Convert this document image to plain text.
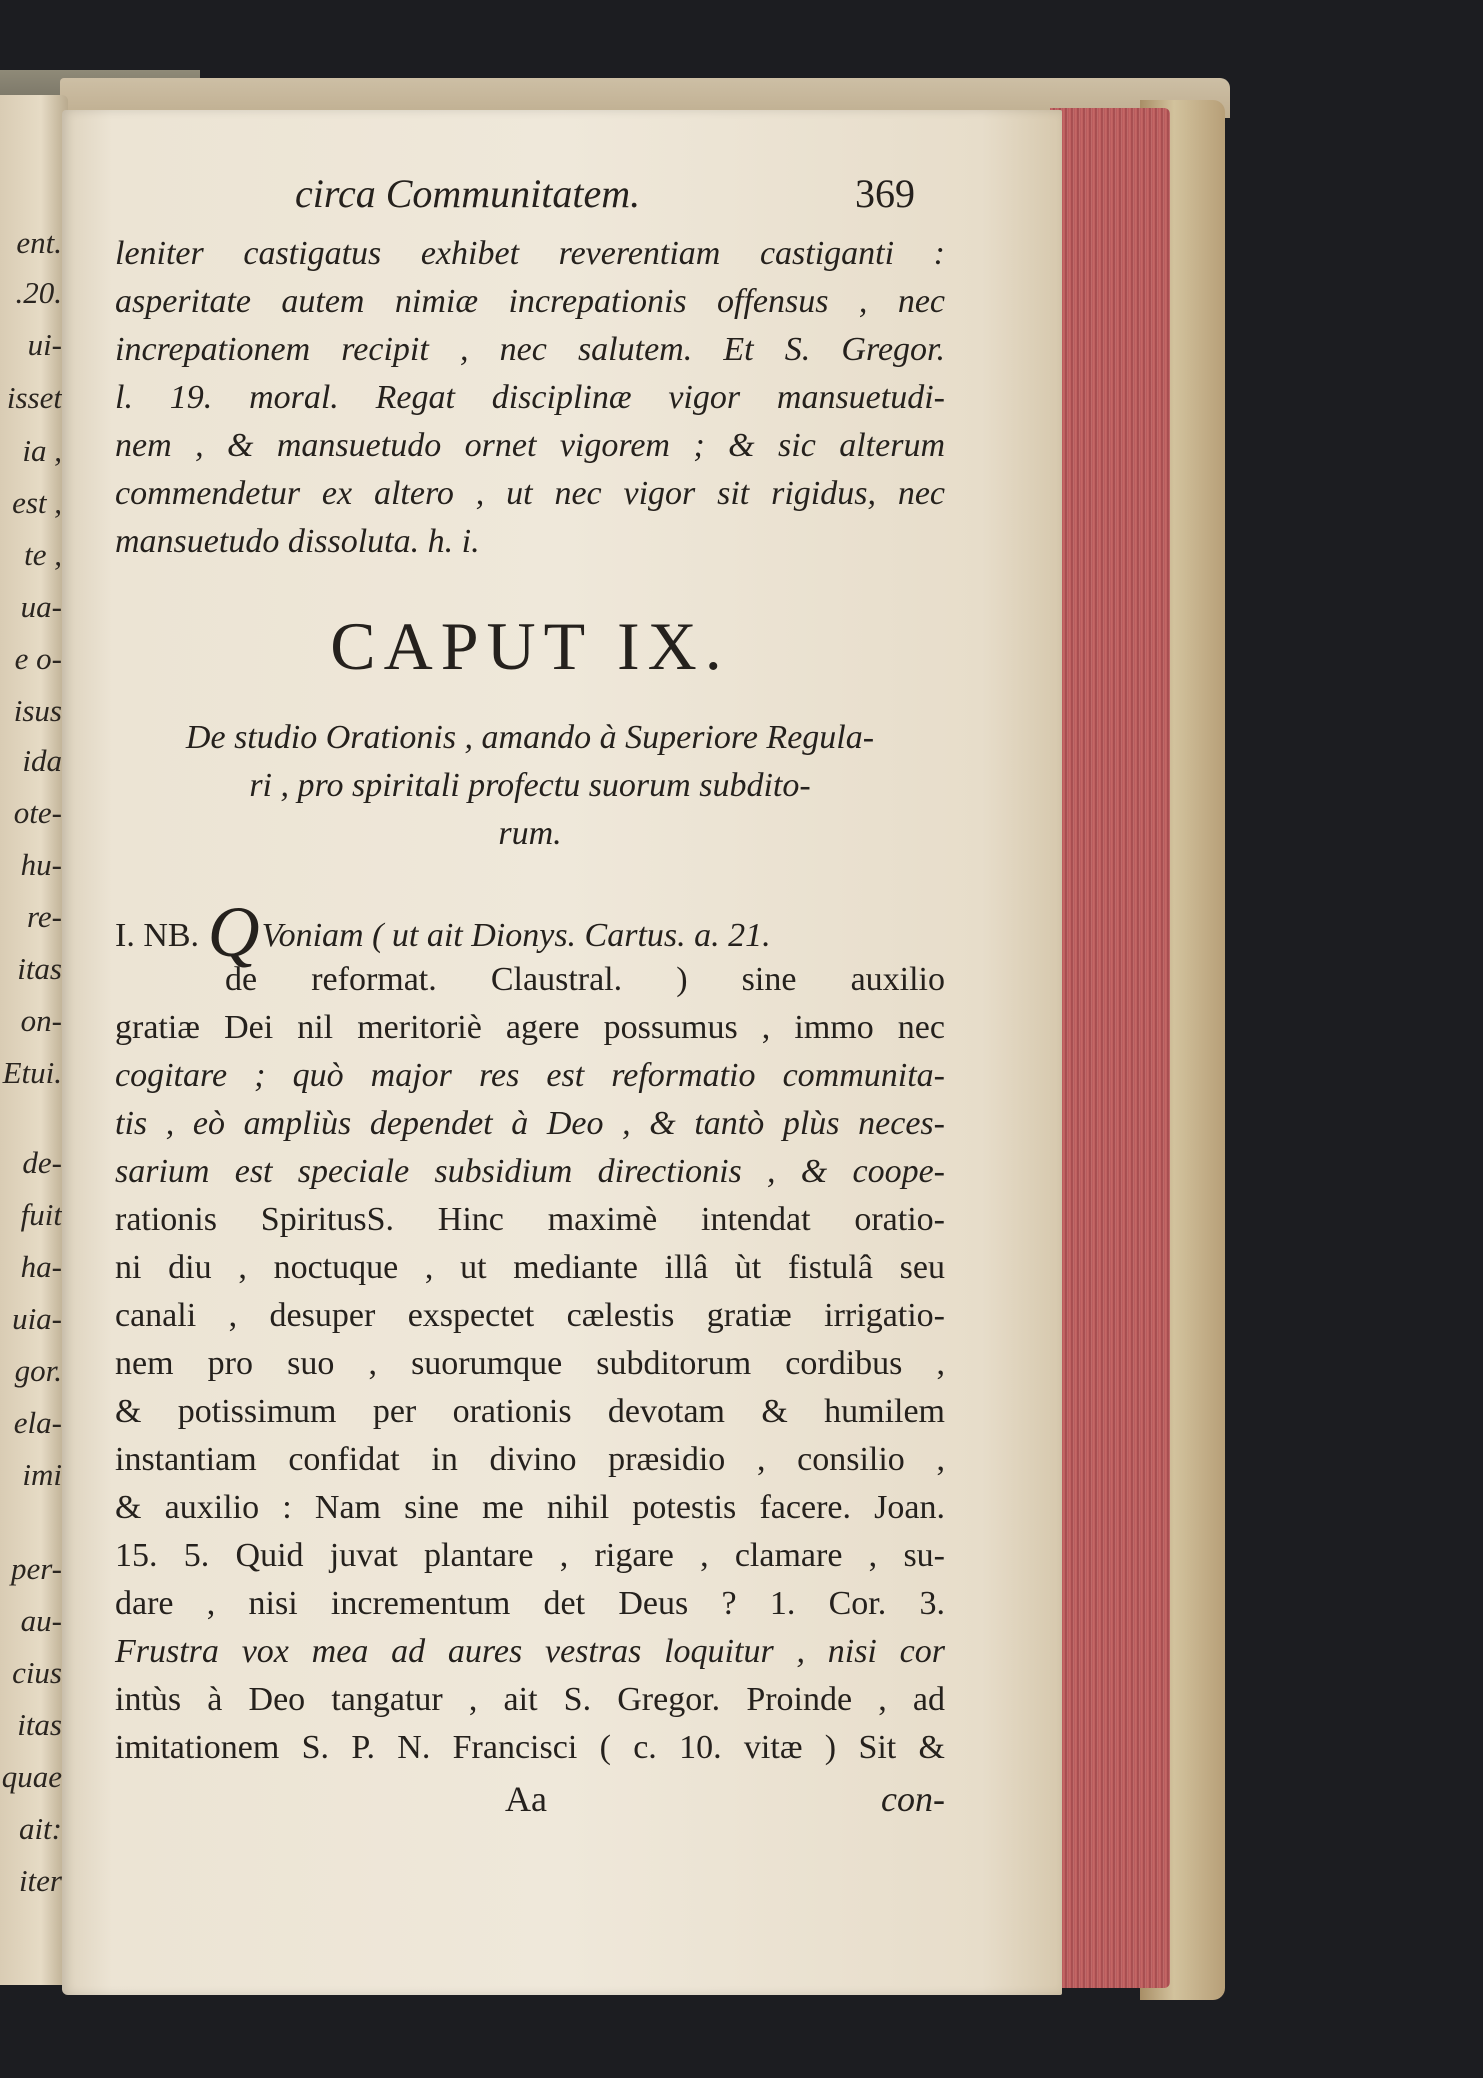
ent.
.20.
ui-
isset
ia ,
est ,
te ,
ua-
e o-
isus
ida
ote-
hu-
re-
itas
on-
Etui.
de-
fuit
ha-
uia-
gor.
ela-
imi
per-
au-
cius
itas
quae
ait:
iter
circa Communitatem.	369
leniter castigatus exhibet reverentiam castiganti :
asperitate autem nimiæ increpationis offensus , nec
increpationem recipit , nec salutem. Et S. Gregor.
l. 19. moral. Regat disciplinæ vigor mansuetudi-
nem , & mansuetudo ornet vigorem ; & sic alterum
commendetur ex altero , ut nec vigor sit rigidus, nec
mansuetudo dissoluta. h. i.
CAPUT IX.
De studio Orationis , amando à Superiore Regula-
ri , pro spiritali profectu suorum subdito-
rum.
I. NB. QVoniam ( ut ait Dionys. Cartus. a. 21.
de reformat. Claustral. ) sine auxilio
gratiæ Dei nil meritoriè agere possumus , immo nec
cogitare ; quò major res est reformatio communita-
tis , eò ampliùs dependet à Deo , & tantò plùs neces-
sarium est speciale subsidium directionis , & coope-
rationis SpiritusS. Hinc maximè intendat oratio-
ni diu , noctuque , ut mediante illâ ùt fistulâ seu
canali , desuper exspectet cælestis gratiæ irrigatio-
nem pro suo , suorumque subditorum cordibus ,
& potissimum per orationis devotam & humilem
instantiam confidat in divino præsidio , consilio ,
& auxilio : Nam sine me nihil potestis facere. Joan.
15. 5. Quid juvat plantare , rigare , clamare , su-
dare , nisi incrementum det Deus ? 1. Cor. 3.
Frustra vox mea ad aures vestras loquitur , nisi cor
intùs à Deo tangatur , ait S. Gregor. Proinde , ad
imitationem S. P. N. Francisci ( c. 10. vitæ ) Sit &
Aa	con-
